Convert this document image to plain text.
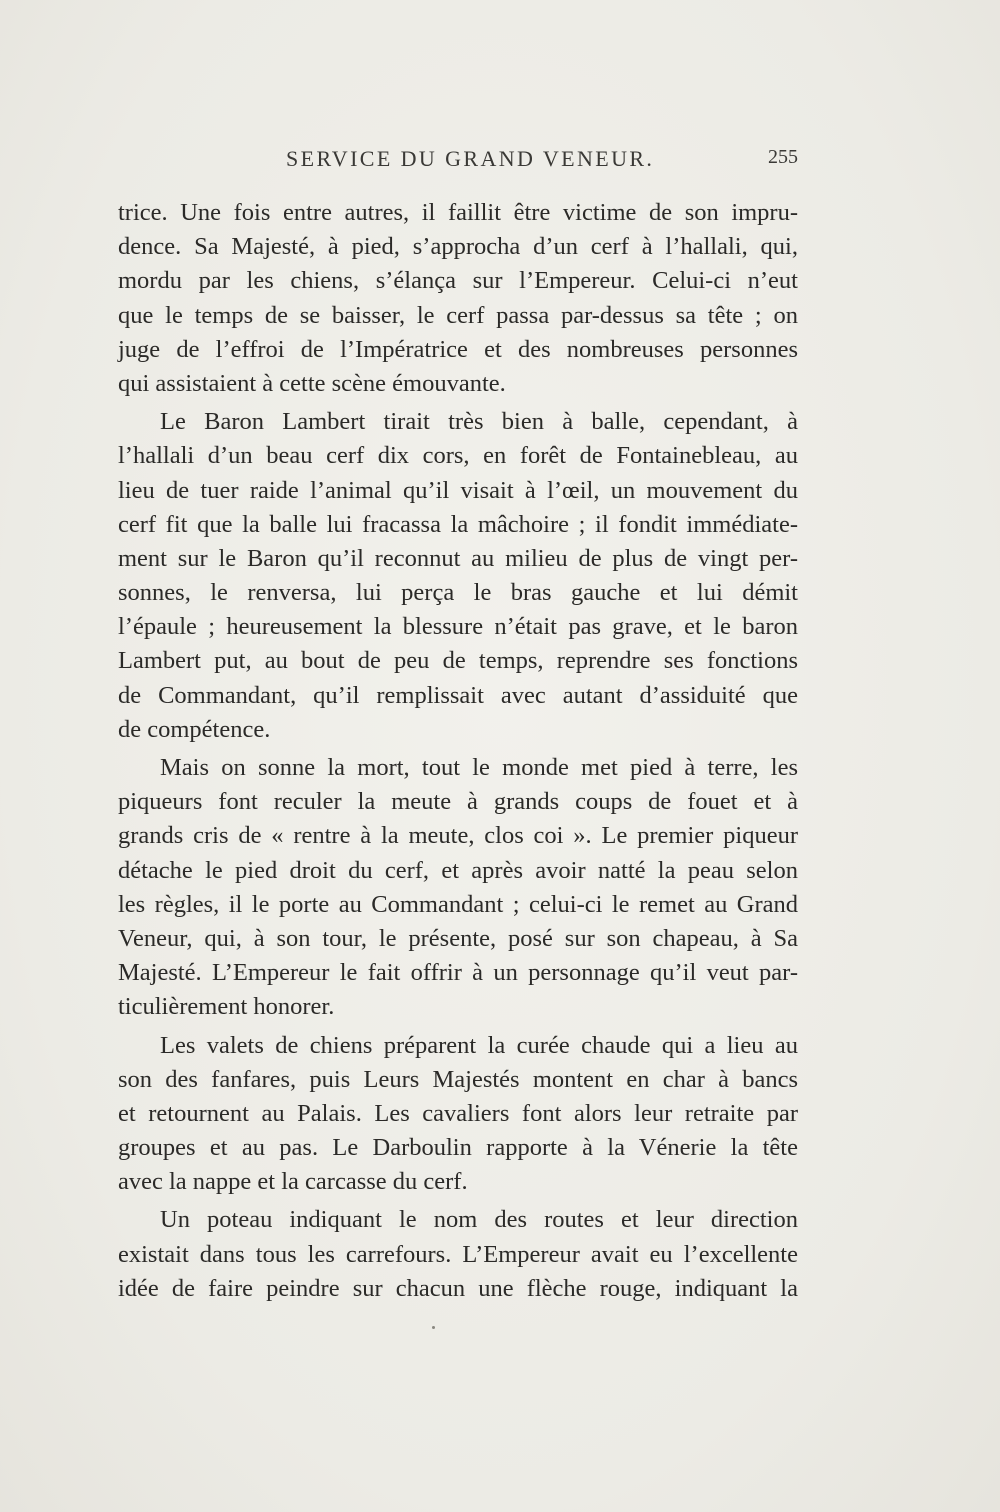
SERVICE DU GRAND VENEUR.	255
trice. Une fois entre autres, il faillit être victime de son impru-
dence. Sa Majesté, à pied, s’approcha d’un cerf à l’hallali, qui,
mordu par les chiens, s’élança sur l’Empereur. Celui-ci n’eut
que le temps de se baisser, le cerf passa par-dessus sa tête ; on
juge de l’effroi de l’Impératrice et des nombreuses personnes
qui assistaient à cette scène émouvante.
Le Baron Lambert tirait très bien à balle, cependant, à
l’hallali d’un beau cerf dix cors, en forêt de Fontainebleau, au
lieu de tuer raide l’animal qu’il visait à l’œil, un mouvement du
cerf fit que la balle lui fracassa la mâchoire ; il fondit immédiate-
ment sur le Baron qu’il reconnut au milieu de plus de vingt per-
sonnes, le renversa, lui perça le bras gauche et lui démit
l’épaule ; heureusement la blessure n’était pas grave, et le baron
Lambert put, au bout de peu de temps, reprendre ses fonctions
de Commandant, qu’il remplissait avec autant d’assiduité que
de compétence.
Mais on sonne la mort, tout le monde met pied à terre, les
piqueurs font reculer la meute à grands coups de fouet et à
grands cris de « rentre à la meute, clos coi ». Le premier piqueur
détache le pied droit du cerf, et après avoir natté la peau selon
les règles, il le porte au Commandant ; celui-ci le remet au Grand
Veneur, qui, à son tour, le présente, posé sur son chapeau, à Sa
Majesté. L’Empereur le fait offrir à un personnage qu’il veut par-
ticulièrement honorer.
Les valets de chiens préparent la curée chaude qui a lieu au
son des fanfares, puis Leurs Majestés montent en char à bancs
et retournent au Palais. Les cavaliers font alors leur retraite par
groupes et au pas. Le Darboulin rapporte à la Vénerie la tête
avec la nappe et la carcasse du cerf.
Un poteau indiquant le nom des routes et leur direction
existait dans tous les carrefours. L’Empereur avait eu l’excellente
idée de faire peindre sur chacun une flèche rouge, indiquant la
